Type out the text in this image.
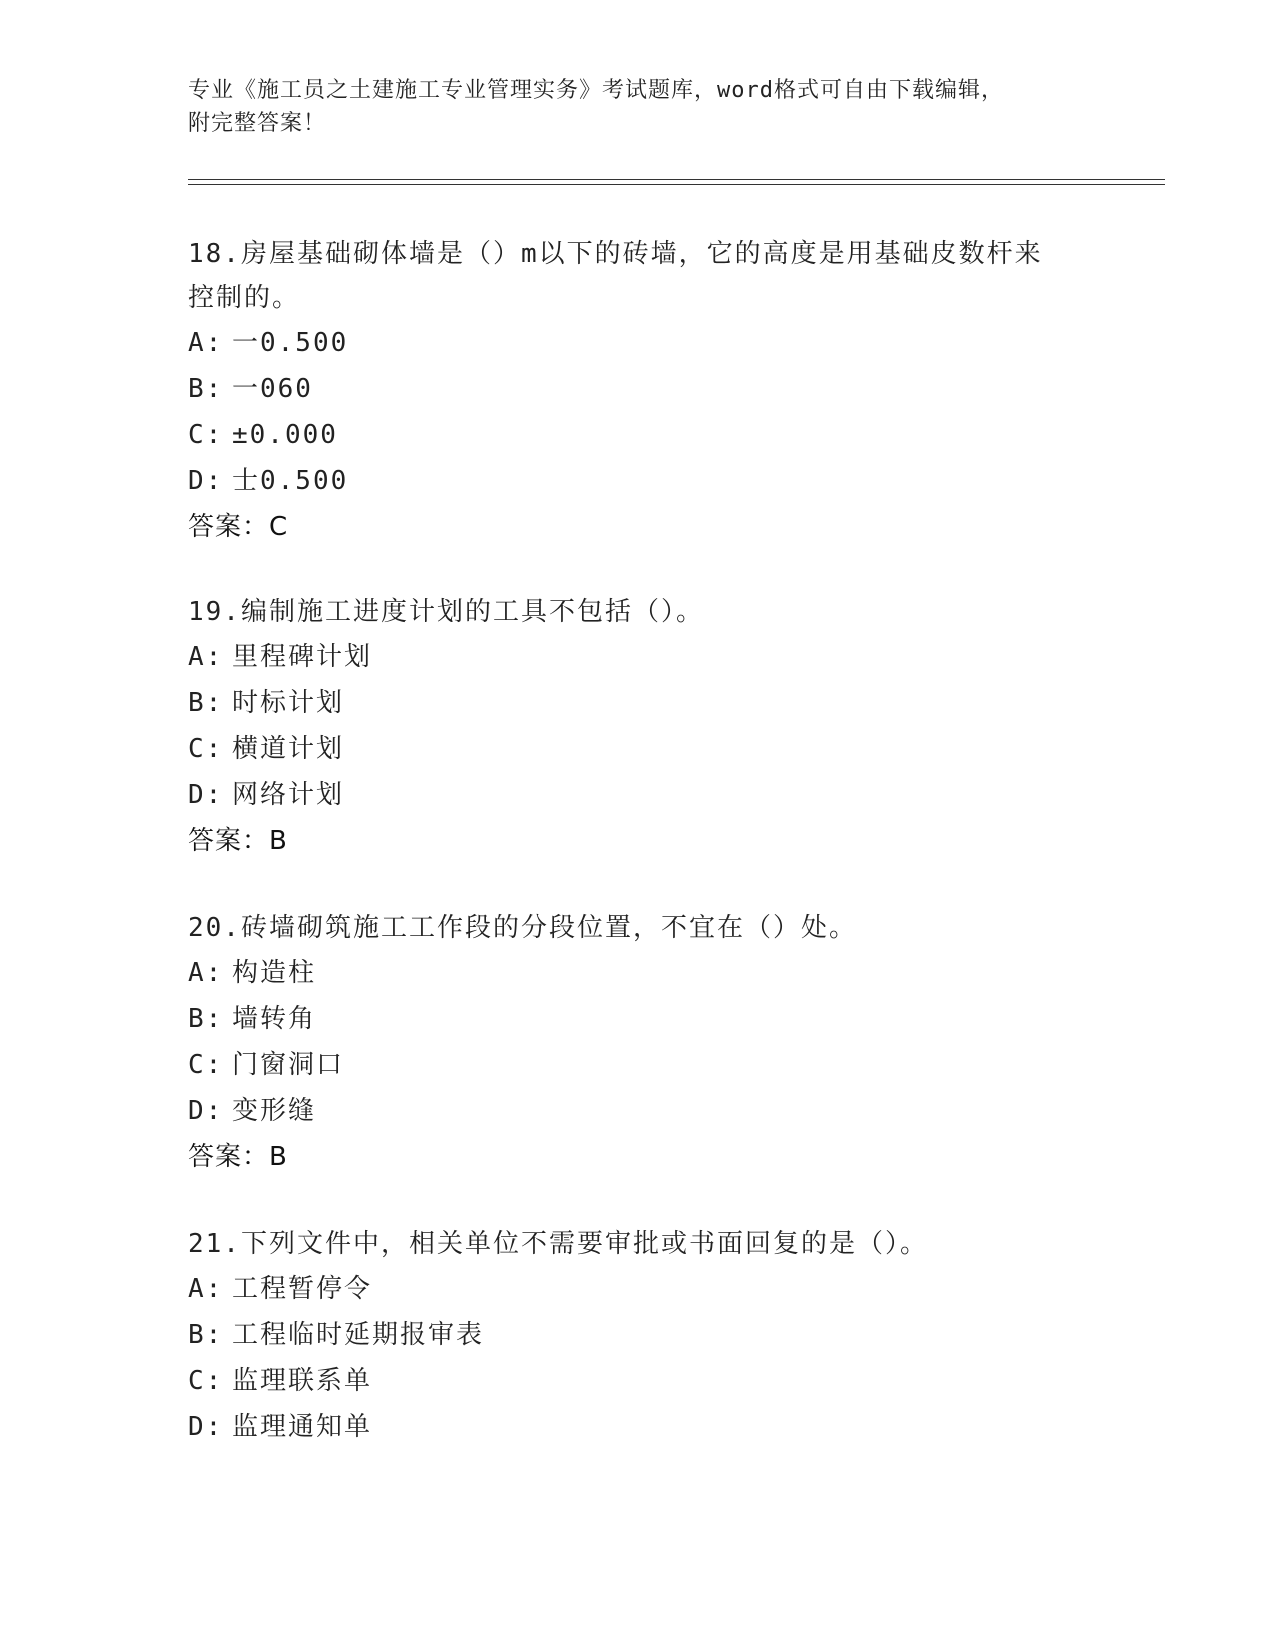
专业《施工员之土建施工专业管理实务》考试题库，word格式可自由下载编辑，
附完整答案！

18.房屋基础砌体墙是（）m以下的砖墙，它的高度是用基础皮数杆来

控制的。

A: 一0.500

B: 一060

C: ±0.000

D: 士0.500

答案：C

19.编制施工进度计划的工具不包括（）。

A: 里程碑计划

B: 时标计划

C: 横道计划

D: 网络计划

答案：B

20.砖墙砌筑施工工作段的分段位置，不宜在（）处。

A: 构造柱

B: 墙转角

C: 门窗洞口

D: 变形缝

答案：B

21.下列文件中，相关单位不需要审批或书面回复的是（）。

A: 工程暂停令

B: 工程临时延期报审表

C: 监理联系单

D: 监理通知单
